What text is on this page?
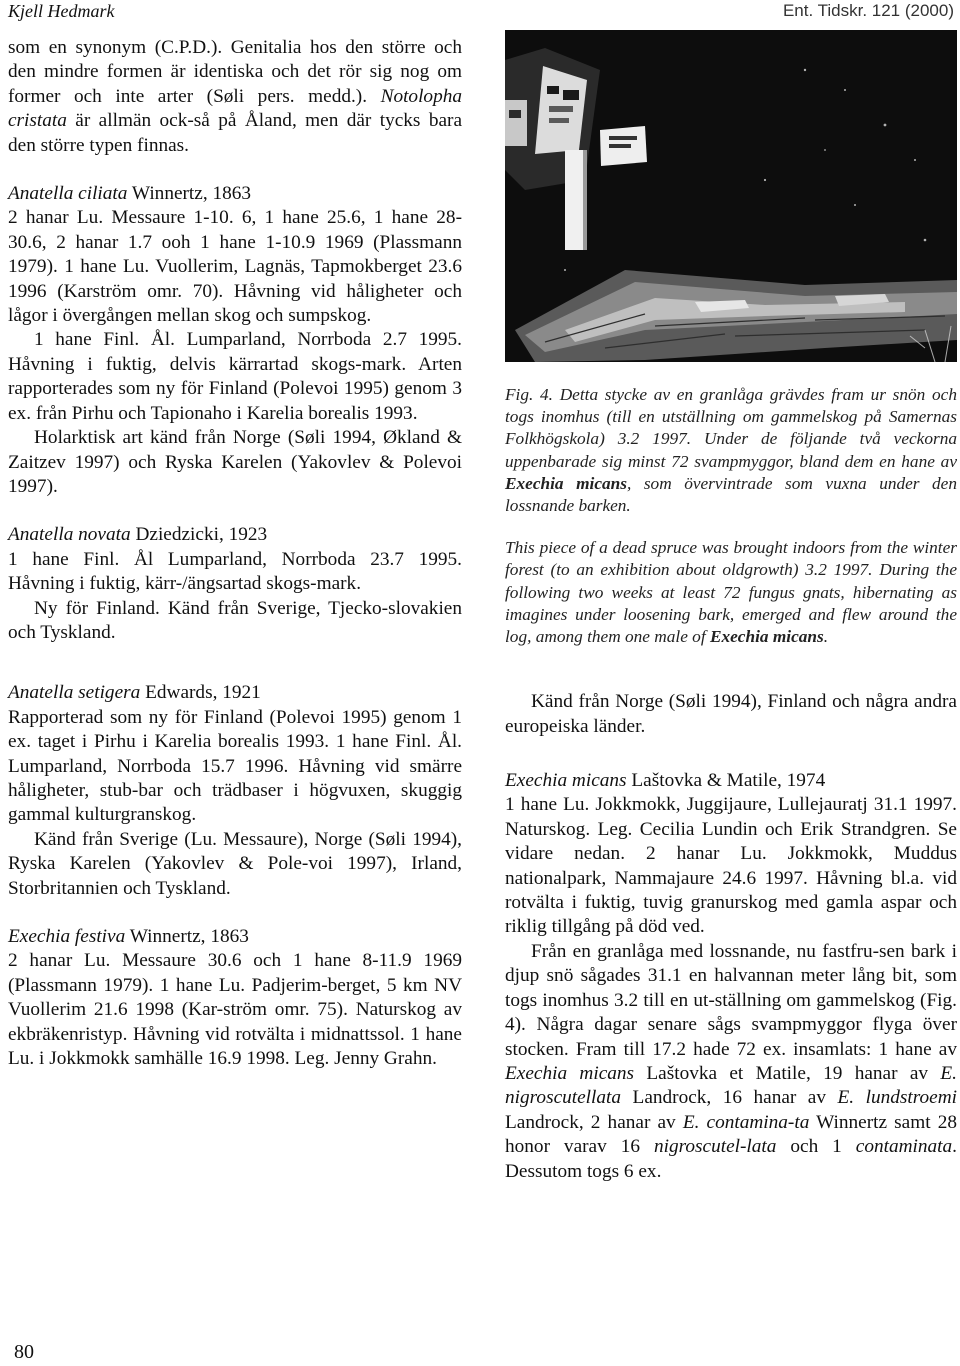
Kjell Hedmark	Ent. Tidskr. 121 (2000)

som en synonym (C.P.D.). Genitalia hos den större och den mindre formen är identiska och det rör sig nog om former och inte arter (Søli pers. medd.). Notolopha cristata är allmän ock-så på Åland, men där tycks bara den större typen finnas.

Anatella ciliata Winnertz, 1863

2 hanar Lu. Messaure 1-10. 6, 1 hane 25.6, 1 hane 28-30.6, 2 hanar 1.7 ooh 1 hane 1-10.9 1969 (Plassmann 1979). 1 hane Lu. Vuollerim, Lagnäs, Tapmokberget 23.6 1996 (Karström omr. 70). Håvning vid håligheter och lågor i övergången mellan skog och sumpskog.

1 hane Finl. Ål. Lumparland, Norrboda 2.7 1995. Håvning i fuktig, delvis kärrartad skogs-mark. Arten rapporterades som ny för Finland (Polevoi 1995) genom 3 ex. från Pirhu och Tapionaho i Karelia borealis 1993.

Holarktisk art känd från Norge (Søli 1994, Økland & Zaitzev 1997) och Ryska Karelen (Yakovlev & Polevoi 1997).

Anatella novata Dziedzicki, 1923

1 hane Finl. Ål Lumparland, Norrboda 23.7 1995. Håvning i fuktig, kärr-/ängsartad skogs-mark.

Ny för Finland. Känd från Sverige, Tjecko-slovakien och Tyskland.

Anatella setigera Edwards, 1921

Rapporterad som ny för Finland (Polevoi 1995) genom 1 ex. taget i Pirhu i Karelia borealis 1993. 1 hane Finl. Ål. Lumparland, Norrboda 15.7 1996. Håvning vid smärre håligheter, stub-bar och trädbaser i högvuxen, skuggig gammal kulturgranskog.

Känd från Sverige (Lu. Messaure), Norge (Søli 1994), Ryska Karelen (Yakovlev & Pole-voi 1997), Irland, Storbritannien och Tyskland.

Exechia festiva Winnertz, 1863

2 hanar Lu. Messaure 30.6 och 1 hane 8-11.9 1969 (Plassmann 1979). 1 hane Lu. Padjerim-berget, 5 km NV Vuollerim 21.6 1998 (Kar-ström omr. 75). Naturskog av ekbräkenristyp. Håvning vid rotvälta i midnattssol. 1 hane Lu. i Jokkmokk samhälle 16.9 1998. Leg. Jenny Grahn.

Fig. 4. Detta stycke av en granlåga grävdes fram ur snön och togs inomhus (till en utställning om gammelskog på Samernas Folkhögskola) 3.2 1997. Under de följande två veckorna uppenbarade sig minst 72 svampmyggor, bland dem en hane av Exechia micans, som övervintrade som vuxna under den lossnande barken.

This piece of a dead spruce was brought indoors from the winter forest (to an exhibition about oldgrowth) 3.2 1997. During the following two weeks at least 72 fungus gnats, hibernating as imagines under loosening bark, emerged and flew around the log, among them one male of Exechia micans.

Känd från Norge (Søli 1994), Finland och några andra europeiska länder.

Exechia micans Laštovka & Matile, 1974

1 hane Lu. Jokkmokk, Juggijaure, Lullejauratj 31.1 1997. Naturskog. Leg. Cecilia Lundin och Erik Strandgren. Se vidare nedan. 2 hanar Lu. Jokkmokk, Muddus nationalpark, Nammajaure 24.6 1997. Håvning bl.a. vid rotvälta i fuktig, tuvig granurskog med gamla aspar och riklig tillgång på död ved.

Från en granlåga med lossnande, nu fastfru-sen bark i djup snö sågades 31.1 en halvannan meter lång bit, som togs inomhus 3.2 till en ut-ställning om gammelskog (Fig. 4). Några dagar senare sågs svampmyggor flyga över stocken. Fram till 17.2 hade 72 ex. insamlats: 1 hane av Exechia micans Laštovka et Matile, 19 hanar av E. nigroscutellata Landrock, 16 hanar av E. lundstroemi Landrock, 2 hanar av E. contamina-ta Winnertz samt 28 honor varav 16 nigroscutel-lata och 1 contaminata. Dessutom togs 6 ex.

80
